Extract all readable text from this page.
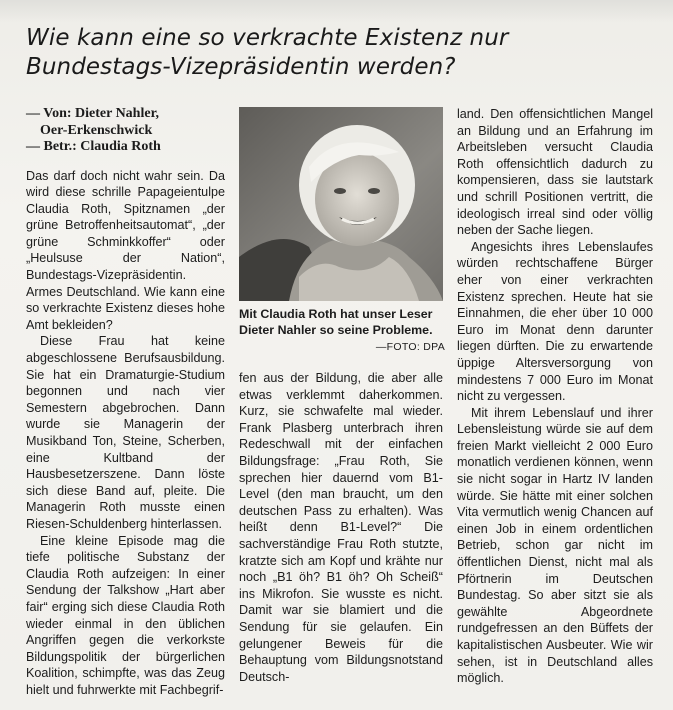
Wie kann eine so verkrachte Existenz nur Bundestags-Vizepräsidentin werden?
— Von: Dieter Nahler,
Oer-Erkenschwick
— Betr.: Claudia Roth

Das darf doch nicht wahr sein. Da wird diese schrille Papageientulpe Claudia Roth, Spitznamen „der grüne Betroffenheitsautomat“, „der grüne Schminkkoffer“ oder „Heulsuse der Nation“, Bundestags-Vizepräsidentin. Armes Deutschland. Wie kann eine so verkrachte Existenz dieses hohe Amt bekleiden?

Diese Frau hat keine abgeschlossene Berufsausbildung. Sie hat ein Dramaturgie-Studium begonnen und nach vier Semestern abgebrochen. Dann wurde sie Managerin der Musikband Ton, Steine, Scherben, eine Kultband der Hausbesetzerszene. Dann löste sich diese Band auf, pleite. Die Managerin Roth musste einen Riesen-Schuldenberg hinterlassen.

Eine kleine Episode mag die tiefe politische Substanz der Claudia Roth aufzeigen: In einer Sendung der Talkshow „Hart aber fair“ erging sich diese Claudia Roth wieder einmal in den üblichen Angriffen gegen die verkorkste Bildungspolitik der bürgerlichen Koalition, schimpfte, was das Zeug hielt und fuhrwerkte mit Fachbegrif-

Mit Claudia Roth hat unser Leser Dieter Nahler so seine Probleme.
—FOTO: DPA

fen aus der Bildung, die aber alle etwas verklemmt daherkommen. Kurz, sie schwafelte mal wieder. Frank Plasberg unterbrach ihren Redeschwall mit der einfachen Bildungsfrage: „Frau Roth, Sie sprechen hier dauernd vom B1-Level (den man braucht, um den deutschen Pass zu erhalten). Was heißt denn B1-Level?“ Die sachverständige Frau Roth stutzte, kratzte sich am Kopf und krähte nur noch „B1 öh? B1 öh? Oh Scheiß“ ins Mikrofon. Sie wusste es nicht. Damit war sie blamiert und die Sendung für sie gelaufen. Ein gelungener Beweis für die Behauptung vom Bildungsnotstand Deutsch-

land. Den offensichtlichen Mangel an Bildung und an Erfahrung im Arbeitsleben versucht Claudia Roth offensichtlich dadurch zu kompensieren, dass sie lautstark und schrill Positionen vertritt, die ideologisch irreal sind oder völlig neben der Sache liegen.

Angesichts ihres Lebenslaufes würden rechtschaffene Bürger eher von einer verkrachten Existenz sprechen. Heute hat sie Einnahmen, die eher über 10 000 Euro im Monat denn darunter liegen dürften. Die zu erwartende üppige Altersversorgung von mindestens 7 000 Euro im Monat nicht zu vergessen.

Mit ihrem Lebenslauf und ihrer Lebensleistung würde sie auf dem freien Markt vielleicht 2 000 Euro monatlich verdienen können, wenn sie nicht sogar in Hartz IV landen würde. Sie hätte mit einer solchen Vita vermutlich wenig Chancen auf einen Job in einem ordentlichen Betrieb, schon gar nicht im öffentlichen Dienst, nicht mal als Pförtnerin im Deutschen Bundestag. So aber sitzt sie als gewählte Abgeordnete rundgefressen an den Büffets der kapitalistischen Ausbeuter. Wie wir sehen, ist in Deutschland alles möglich.
